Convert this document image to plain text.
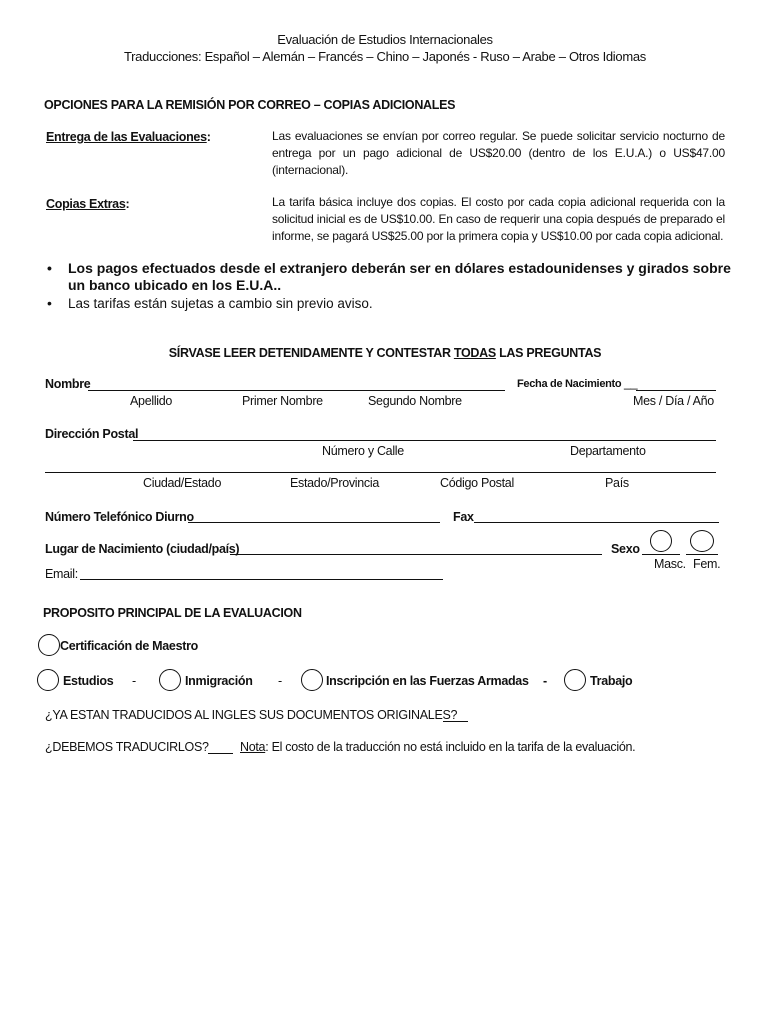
Evaluación de Estudios Internacionales
Traducciones: Español – Alemán – Francés – Chino – Japonés - Ruso – Arabe – Otros Idiomas
OPCIONES PARA LA REMISIÓN POR CORREO – COPIAS ADICIONALES
Entrega de las Evaluaciones:	Las evaluaciones se envían por correo regular. Se puede solicitar servicio nocturno de entrega por un pago adicional de US$20.00 (dentro de los E.U.A.) o US$47.00 (internacional).
Copias Extras:	La tarifa básica incluye dos copias. El costo por cada copia adicional requerida con la solicitud inicial es de US$10.00. En caso de requerir una copia después de preparado el informe, se pagará US$25.00 por la primera copia y US$10.00 por cada copia adicional.
• Los pagos efectuados desde el extranjero deberán ser en dólares estadounidenses y girados sobre un banco ubicado en los E.U.A..
• Las tarifas están sujetas a cambio sin previo aviso.
SÍRVASE LEER DETENIDAMENTE Y CONTESTAR TODAS LAS PREGUNTAS
Nombre	Fecha de Nacimiento __
Apellido	Primer Nombre	Segundo Nombre	Mes / Día / Año
Dirección Postal
Número y Calle	Departamento
Ciudad/Estado	Estado/Provincia	Código Postal	País
Número Telefónico Diurno	Fax
Lugar de Nacimiento (ciudad/país)	Sexo
Masc. Fem.
Email:
PROPOSITO PRINCIPAL DE LA EVALUACION
Certificación de Maestro
Estudios -	Inmigración -	Inscripción en las Fuerzas Armadas -	Trabajo
¿YA ESTAN TRADUCIDOS AL INGLES SUS DOCUMENTOS ORIGINALES?
¿DEBEMOS TRADUCIRLOS?	Nota: El costo de la traducción no está incluido en la tarifa de la evaluación.
